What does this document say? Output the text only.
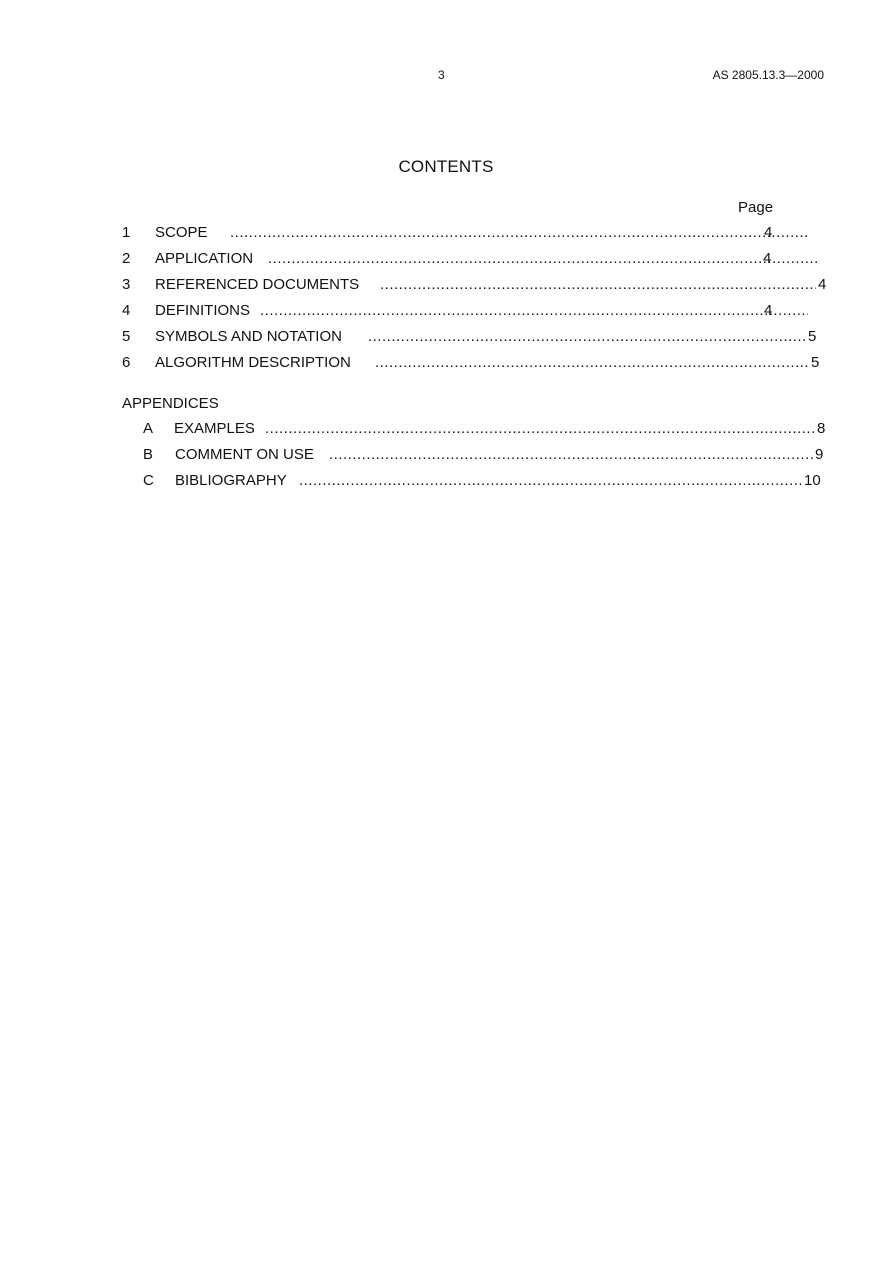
3	AS 2805.13.3—2000
CONTENTS
Page
1 SCOPE .....	4
2 APPLICATION .....	4
3 REFERENCED DOCUMENTS .....	4
4 DEFINITIONS .....	4
5 SYMBOLS AND NOTATION .....	5
6 ALGORITHM DESCRIPTION .....	5
APPENDICES
A EXAMPLES .....	8
B COMMENT ON USE .....	9
C BIBLIOGRAPHY .....	10
